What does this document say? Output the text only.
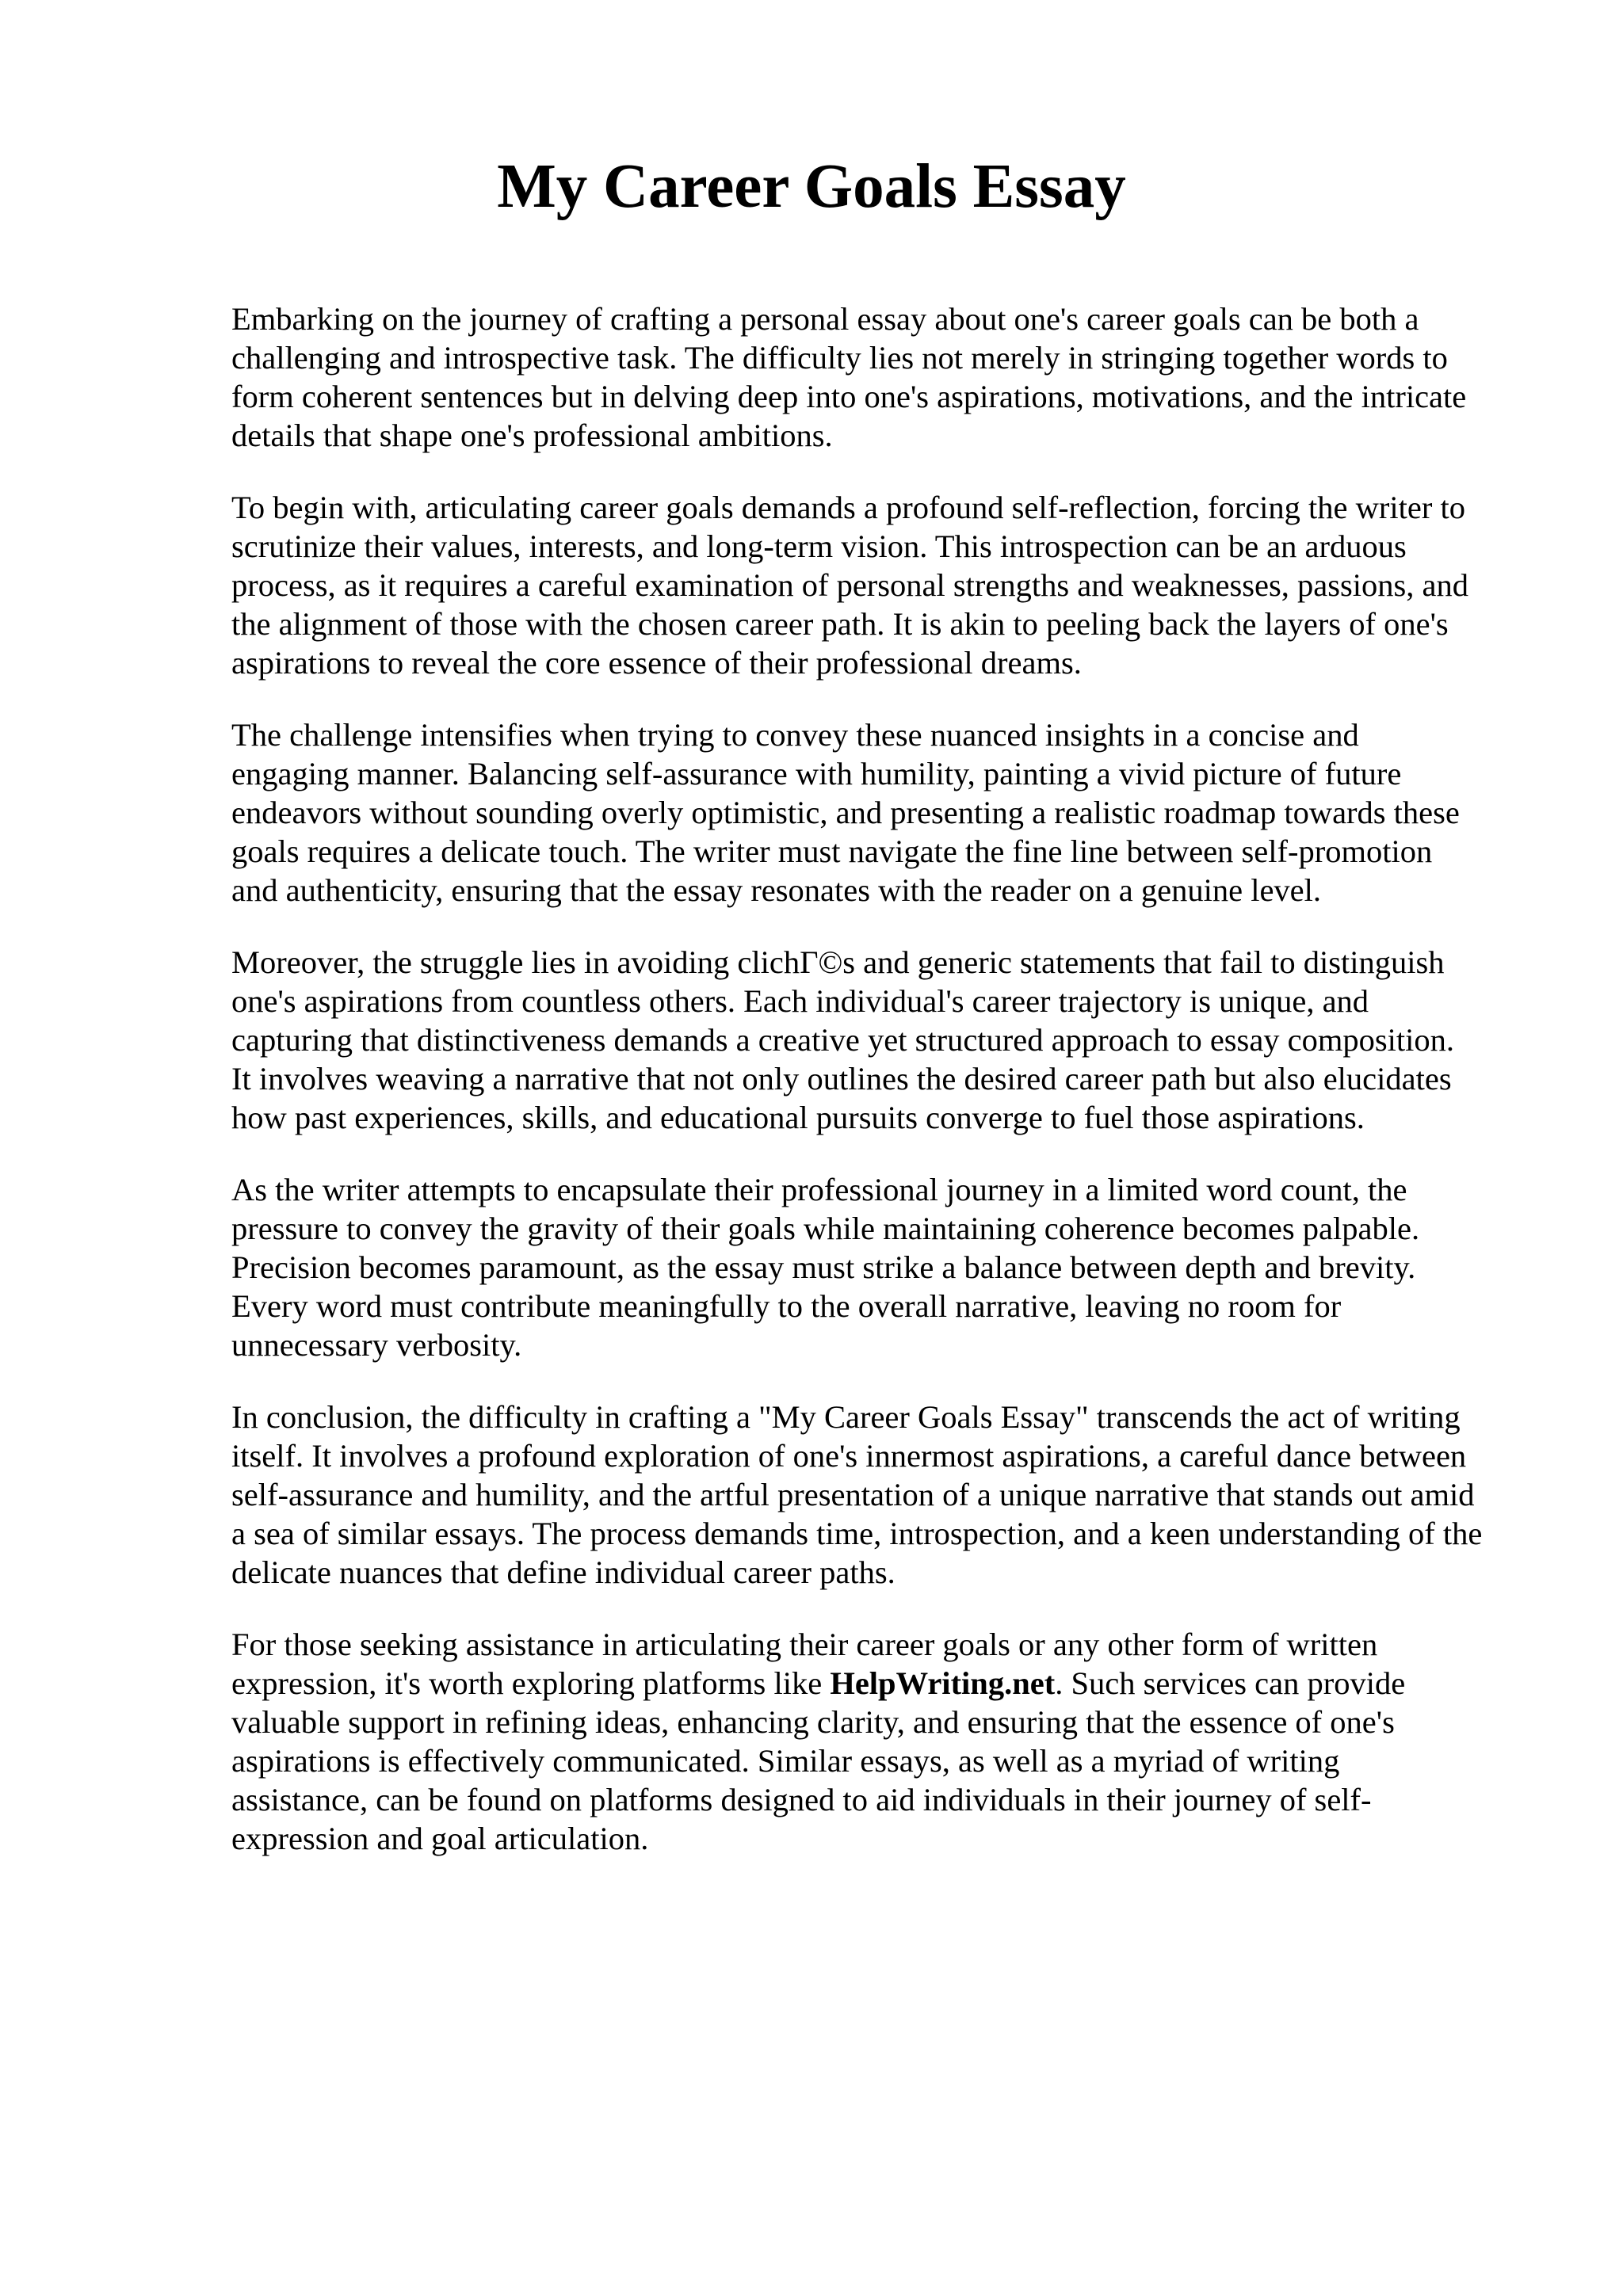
My Career Goals Essay

Embarking on the journey of crafting a personal essay about one's career goals can be both a
challenging and introspective task. The difficulty lies not merely in stringing together words to
form coherent sentences but in delving deep into one's aspirations, motivations, and the intricate
details that shape one's professional ambitions.

To begin with, articulating career goals demands a profound self-reflection, forcing the writer to
scrutinize their values, interests, and long-term vision. This introspection can be an arduous
process, as it requires a careful examination of personal strengths and weaknesses, passions, and
the alignment of those with the chosen career path. It is akin to peeling back the layers of one's
aspirations to reveal the core essence of their professional dreams.

The challenge intensifies when trying to convey these nuanced insights in a concise and
engaging manner. Balancing self-assurance with humility, painting a vivid picture of future
endeavors without sounding overly optimistic, and presenting a realistic roadmap towards these
goals requires a delicate touch. The writer must navigate the fine line between self-promotion
and authenticity, ensuring that the essay resonates with the reader on a genuine level.

Moreover, the struggle lies in avoiding clichГ©s and generic statements that fail to distinguish
one's aspirations from countless others. Each individual's career trajectory is unique, and
capturing that distinctiveness demands a creative yet structured approach to essay composition.
It involves weaving a narrative that not only outlines the desired career path but also elucidates
how past experiences, skills, and educational pursuits converge to fuel those aspirations.

As the writer attempts to encapsulate their professional journey in a limited word count, the
pressure to convey the gravity of their goals while maintaining coherence becomes palpable.
Precision becomes paramount, as the essay must strike a balance between depth and brevity.
Every word must contribute meaningfully to the overall narrative, leaving no room for
unnecessary verbosity.

In conclusion, the difficulty in crafting a "My Career Goals Essay" transcends the act of writing
itself. It involves a profound exploration of one's innermost aspirations, a careful dance between
self-assurance and humility, and the artful presentation of a unique narrative that stands out amid
a sea of similar essays. The process demands time, introspection, and a keen understanding of the
delicate nuances that define individual career paths.

For those seeking assistance in articulating their career goals or any other form of written
expression, it's worth exploring platforms like HelpWriting.net. Such services can provide
valuable support in refining ideas, enhancing clarity, and ensuring that the essence of one's
aspirations is effectively communicated. Similar essays, as well as a myriad of writing
assistance, can be found on platforms designed to aid individuals in their journey of self-
expression and goal articulation.
